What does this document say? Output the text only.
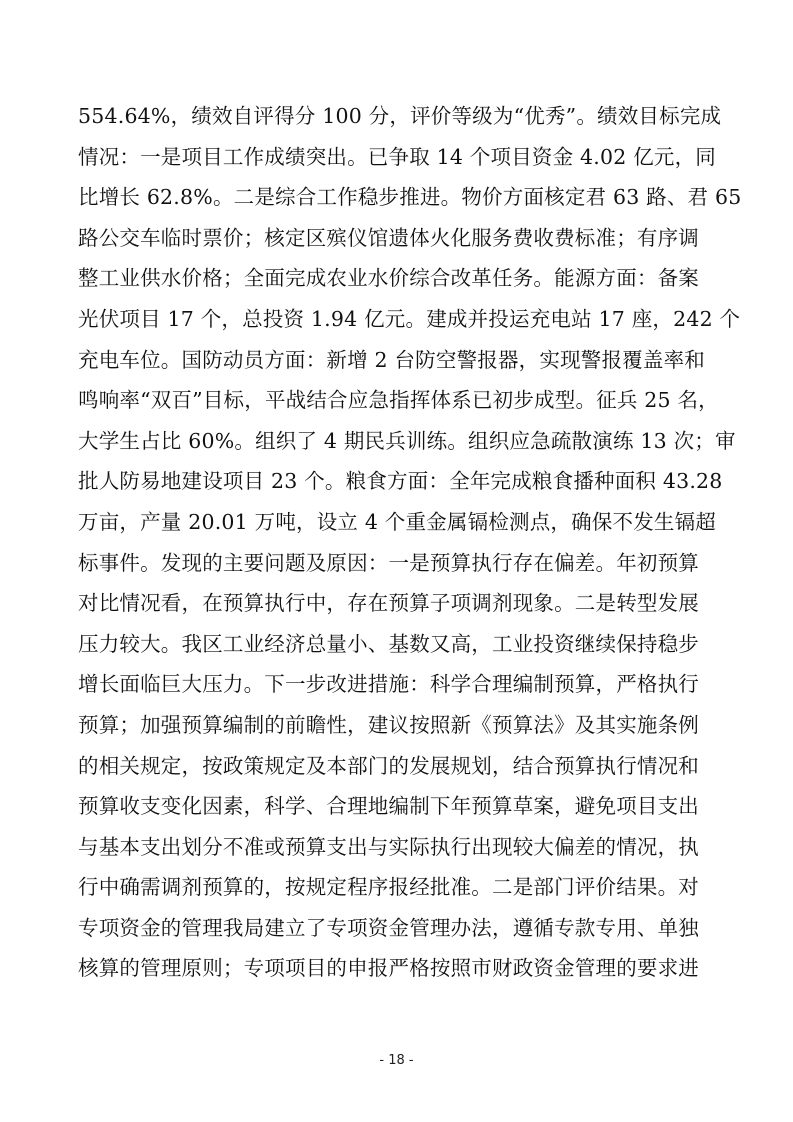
554.64%，绩效自评得分 100 分，评价等级为“优秀”。绩效目标完成
情况：一是项目工作成绩突出。已争取 14 个项目资金 4.02 亿元，同
比增长 62.8%。二是综合工作稳步推进。物价方面核定君 63 路、君 65
路公交车临时票价；核定区殡仪馆遗体火化服务费收费标准；有序调
整工业供水价格；全面完成农业水价综合改革任务。能源方面：备案
光伏项目 17 个，总投资 1.94 亿元。建成并投运充电站 17 座，242 个
充电车位。国防动员方面：新增 2 台防空警报器，实现警报覆盖率和
鸣响率“双百”目标，平战结合应急指挥体系已初步成型。征兵 25 名，
大学生占比 60%。组织了 4 期民兵训练。组织应急疏散演练 13 次；审
批人防易地建设项目 23 个。粮食方面：全年完成粮食播种面积 43.28
万亩，产量 20.01 万吨，设立 4 个重金属镉检测点，确保不发生镉超
标事件。发现的主要问题及原因：一是预算执行存在偏差。年初预算
对比情况看，在预算执行中，存在预算子项调剂现象。二是转型发展
压力较大。我区工业经济总量小、基数又高，工业投资继续保持稳步
增长面临巨大压力。下一步改进措施：科学合理编制预算，严格执行
预算；加强预算编制的前瞻性，建议按照新《预算法》及其实施条例
的相关规定，按政策规定及本部门的发展规划，结合预算执行情况和
预算收支变化因素，科学、合理地编制下年预算草案，避免项目支出
与基本支出划分不准或预算支出与实际执行出现较大偏差的情况，执
行中确需调剂预算的，按规定程序报经批准。二是部门评价结果。对
专项资金的管理我局建立了专项资金管理办法，遵循专款专用、单独
核算的管理原则；专项项目的申报严格按照市财政资金管理的要求进
- 18 -
